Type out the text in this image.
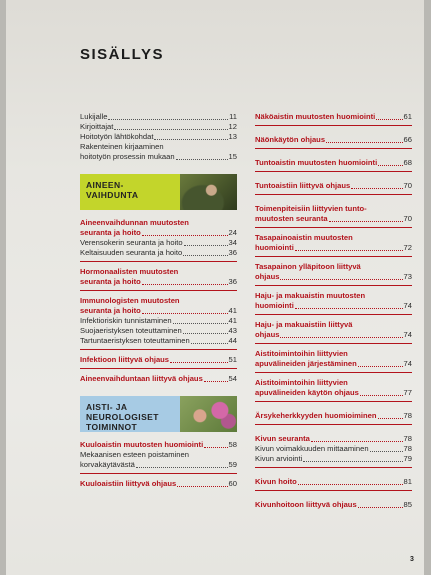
SISÄLLYS
Lukijalle	11
Kirjoittajat	12
Hoitotyön lähtökohdat	13
Rakenteinen kirjaaminen
hoitotyön prosessin mukaan	15
AINEEN-
VAIHDUNTA
Aineenvaihdunnan muutosten
seuranta ja hoito	24
Verensokerin seuranta ja hoito	34
Keltaisuuden seuranta ja hoito	36
Hormonaalisten muutosten
seuranta ja hoito	36
Immunologisten muutosten
seuranta ja hoito	41
Infektioriskin tunnistaminen	41
Suojaeristyksen toteuttaminen	43
Tartuntaeristyksen toteuttaminen	44
Infektioon liittyvä ohjaus	51
Aineenvaihduntaan liittyvä ohjaus	54
AISTI- JA
NEUROLOGISET
TOIMINNOT
Kuuloaistin muutosten huomiointi	58
Mekaanisen esteen poistaminen
korvakäytävästä	59
Kuuloaistiin liittyvä ohjaus	60
Näköaistin muutosten huomiointi	61
Näönkäytön ohjaus	66
Tuntoaistin muutosten huomiointi	68
Tuntoaistiin liittyvä ohjaus	70
Toimenpiteisiin liittyvien tunto-
muutosten seuranta	70
Tasapainoaistin muutosten
huomiointi	72
Tasapainon ylläpitoon liittyvä
ohjaus	73
Haju- ja makuaistin muutosten
huomiointi	74
Haju- ja makuaistiin liittyvä
ohjaus	74
Aistitoimintoihin liittyvien
apuvälineiden järjestäminen	74
Aistitoimintoihin liittyvien
apuvälineiden käytön ohjaus	77
Ärsykeherkkyyden huomioiminen	78
Kivun seuranta	78
Kivun voimakkuuden mittaaminen	78
Kivun arviointi	79
Kivun hoito	81
Kivunhoitoon liittyvä ohjaus	85
3
